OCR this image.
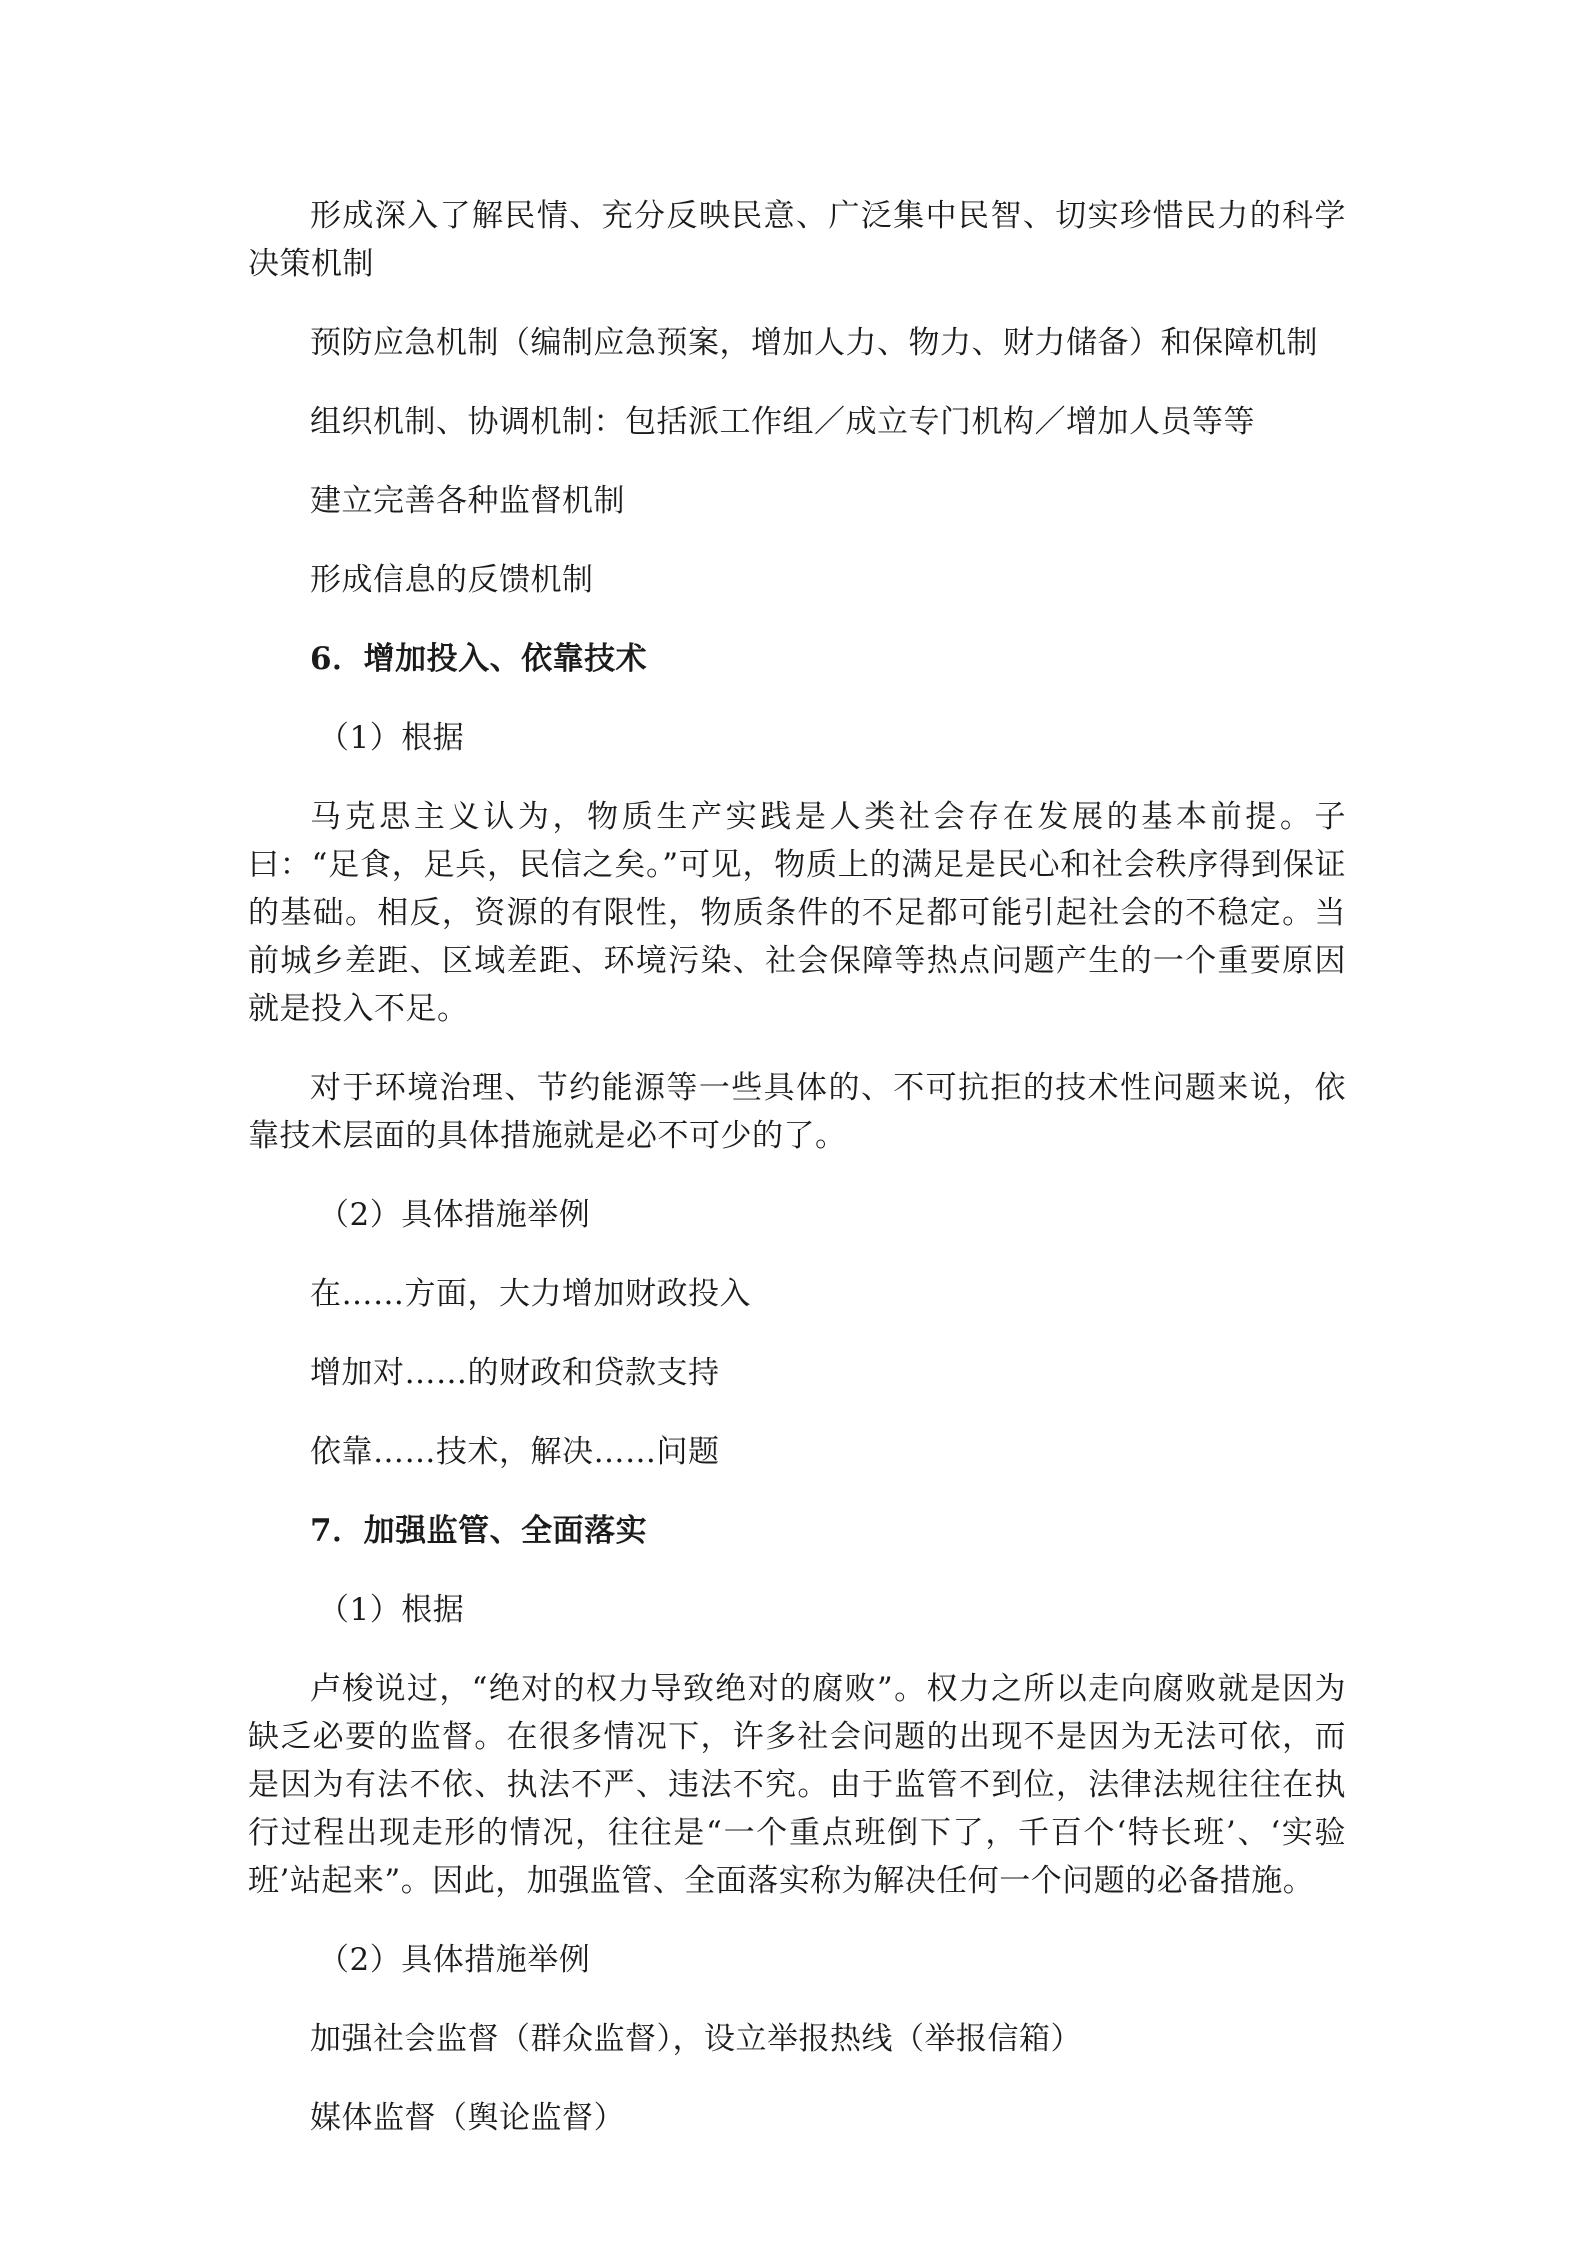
形成深入了解民情、充分反映民意、广泛集中民智、切实珍惜民力的科学决策机制
预防应急机制（编制应急预案，增加人力、物力、财力储备）和保障机制
组织机制、协调机制：包括派工作组／成立专门机构／增加人员等等
建立完善各种监督机制
形成信息的反馈机制
6．增加投入、依靠技术
（1）根据
马克思主义认为，物质生产实践是人类社会存在发展的基本前提。子曰：“足食，足兵，民信之矣。”可见，物质上的满足是民心和社会秩序得到保证的基础。相反，资源的有限性，物质条件的不足都可能引起社会的不稳定。当前城乡差距、区域差距、环境污染、社会保障等热点问题产生的一个重要原因就是投入不足。
对于环境治理、节约能源等一些具体的、不可抗拒的技术性问题来说，依靠技术层面的具体措施就是必不可少的了。
（2）具体措施举例
在……方面，大力增加财政投入
增加对……的财政和贷款支持
依靠……技术，解决……问题
7．加强监管、全面落实
（1）根据
卢梭说过，“绝对的权力导致绝对的腐败”。权力之所以走向腐败就是因为缺乏必要的监督。在很多情况下，许多社会问题的出现不是因为无法可依，而是因为有法不依、执法不严、违法不究。由于监管不到位，法律法规往往在执行过程出现走形的情况，往往是“一个重点班倒下了，千百个‘特长班’、‘实验班’站起来”。因此，加强监管、全面落实称为解决任何一个问题的必备措施。
（2）具体措施举例
加强社会监督（群众监督），设立举报热线（举报信箱）
媒体监督（舆论监督）
